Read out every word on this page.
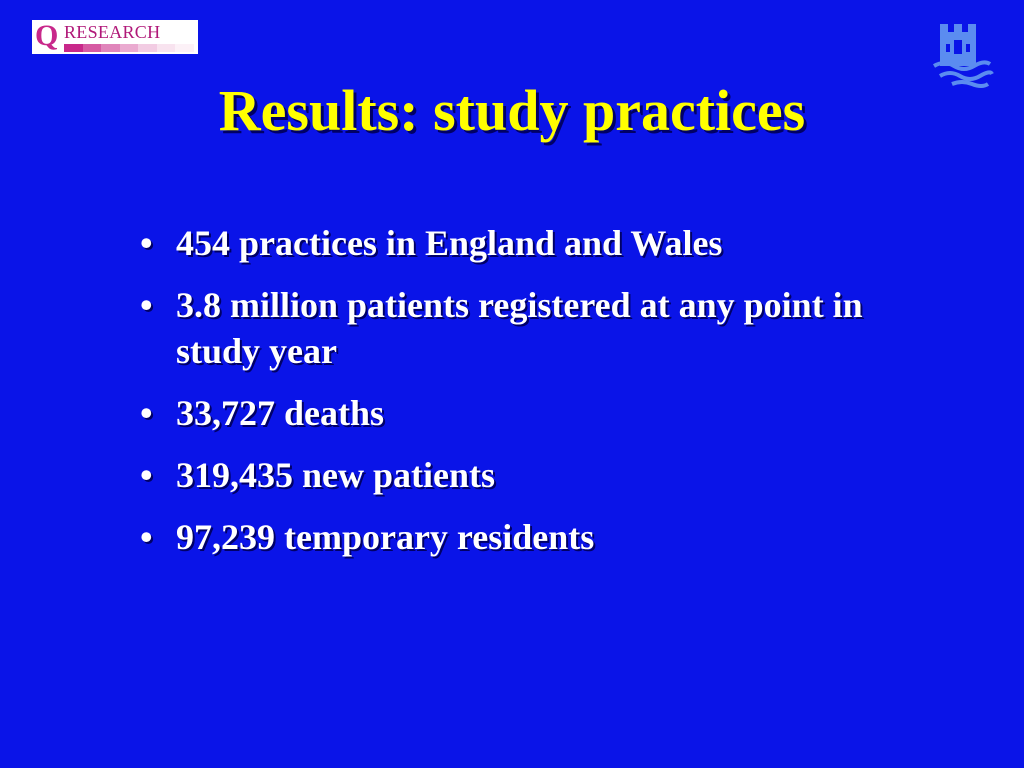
Q RESEARCH
Results: study practices
• 454 practices in England and Wales
• 3.8 million patients registered at any point in study year
• 33,727 deaths
• 319,435 new patients
• 97,239 temporary residents
